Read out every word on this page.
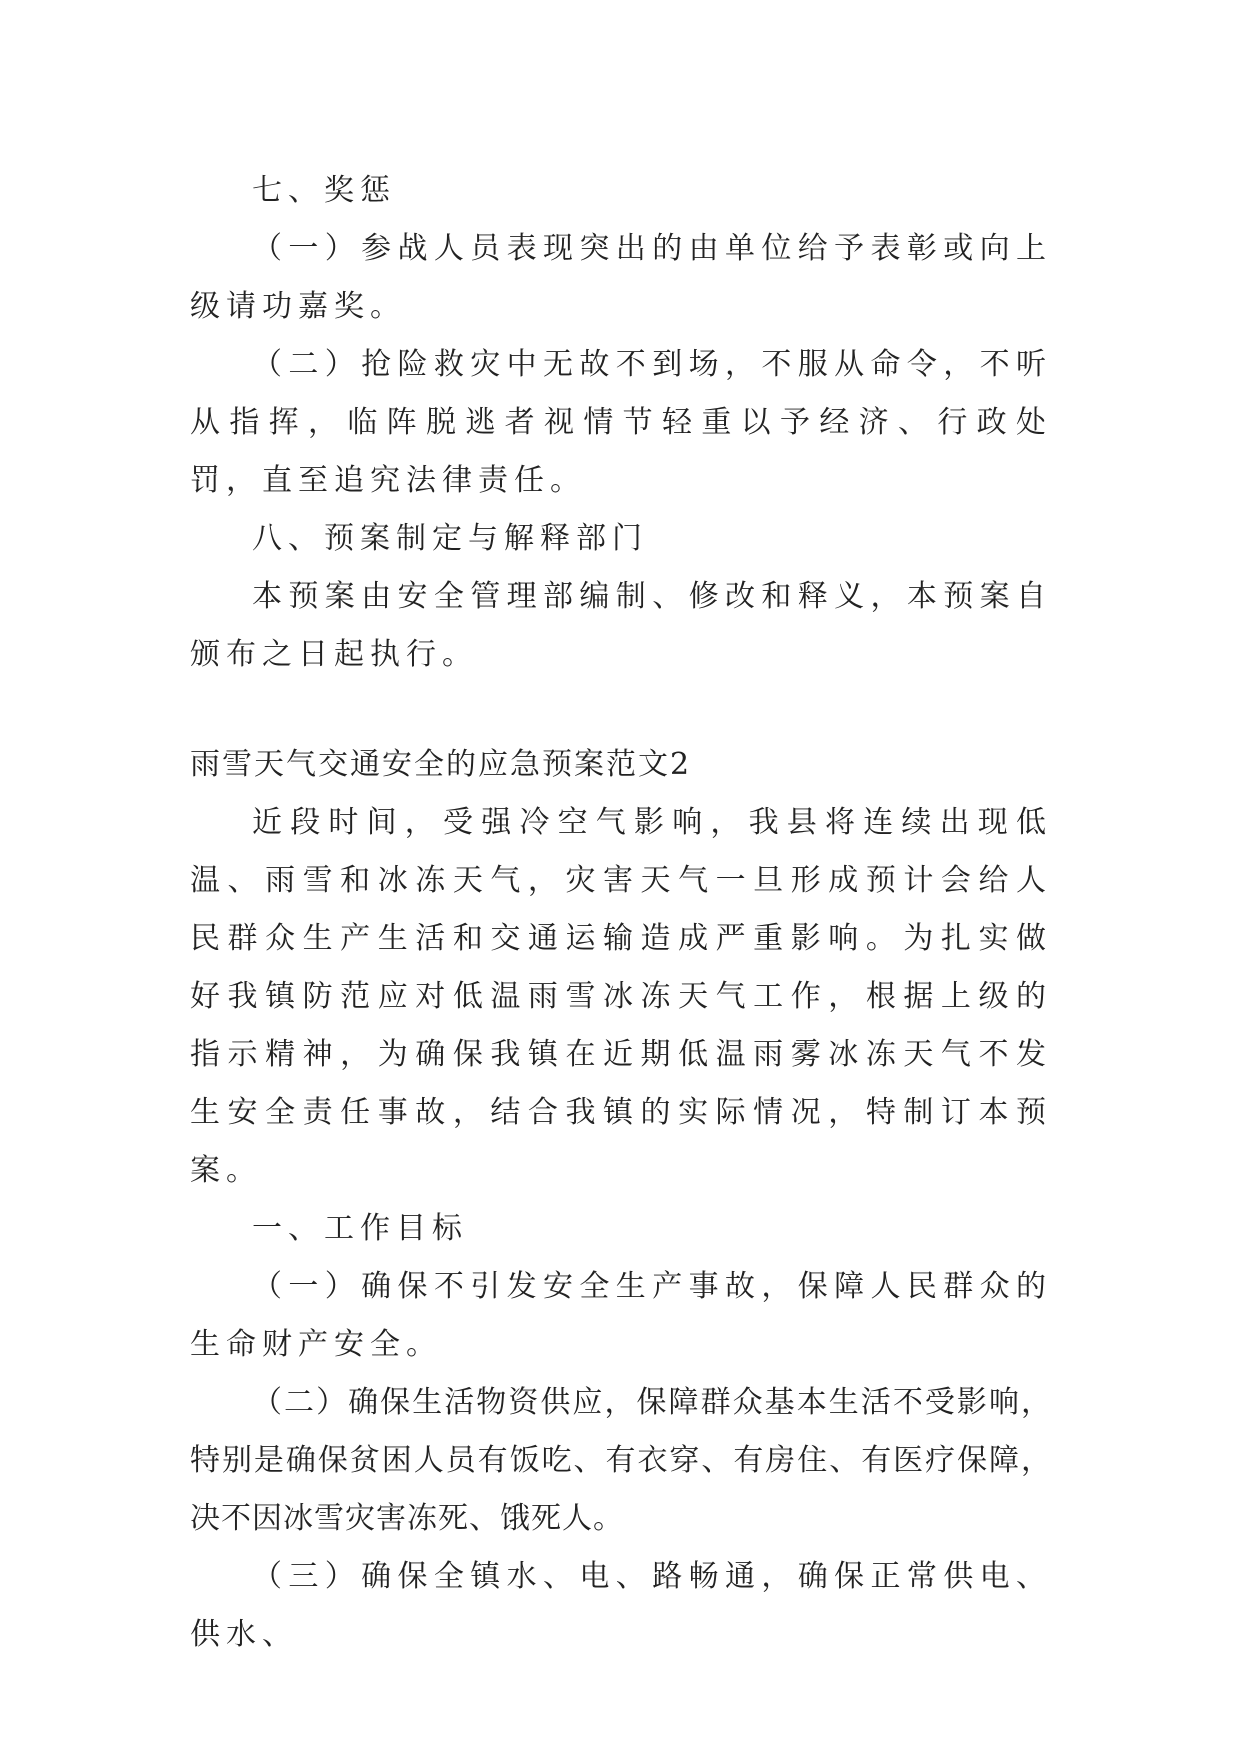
七、奖惩

（一）参战人员表现突出的由单位给予表彰或向上级请功嘉奖。

（二）抢险救灾中无故不到场，不服从命令，不听从指挥，临阵脱逃者视情节轻重以予经济、行政处罚，直至追究法律责任。

八、预案制定与解释部门

本预案由安全管理部编制、修改和释义，本预案自颁布之日起执行。

雨雪天气交通安全的应急预案范文2

近段时间，受强冷空气影响，我县将连续出现低温、雨雪和冰冻天气，灾害天气一旦形成预计会给人民群众生产生活和交通运输造成严重影响。为扎实做好我镇防范应对低温雨雪冰冻天气工作，根据上级的指示精神，为确保我镇在近期低温雨雾冰冻天气不发生安全责任事故，结合我镇的实际情况，特制订本预案。

一、工作目标

（一）确保不引发安全生产事故，保障人民群众的生命财产安全。

（二）确保生活物资供应，保障群众基本生活不受影响，特别是确保贫困人员有饭吃、有衣穿、有房住、有医疗保障，决不因冰雪灾害冻死、饿死人。

（三）确保全镇水、电、路畅通，确保正常供电、供水、
